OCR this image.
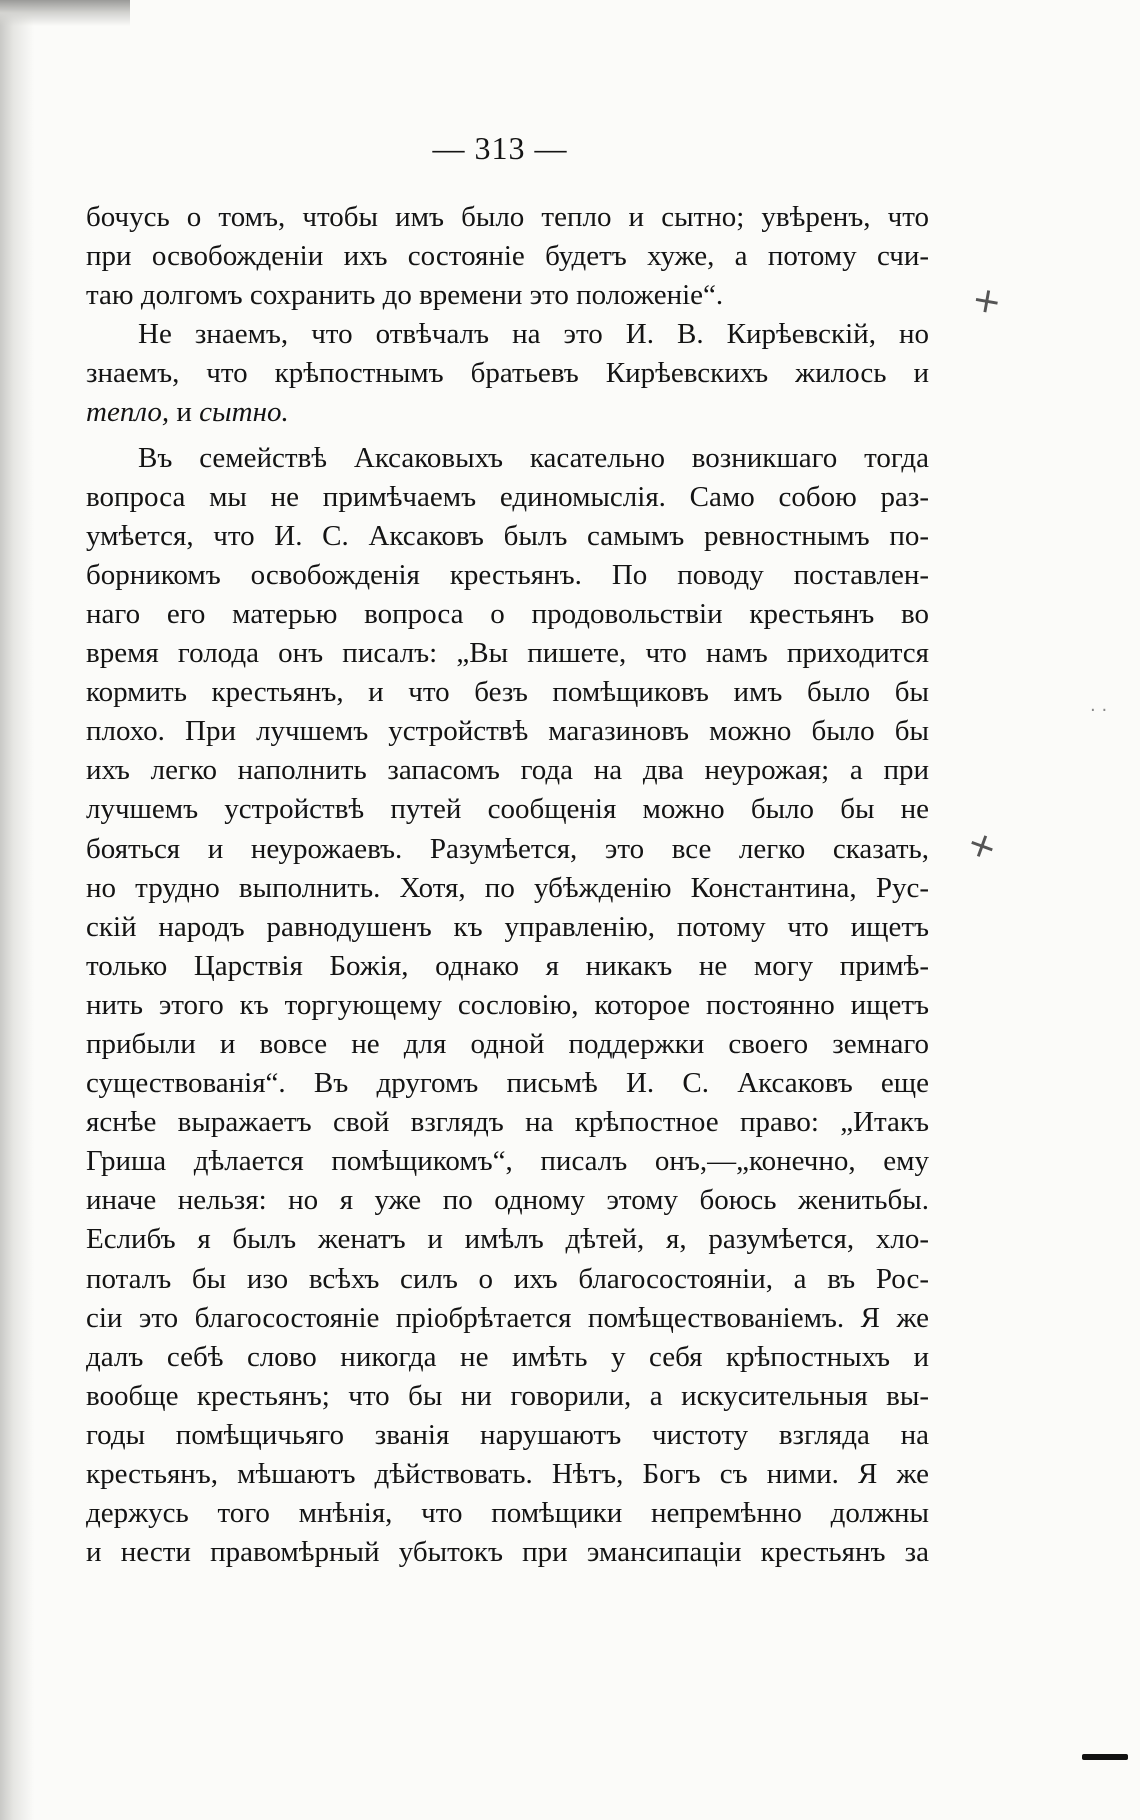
— 313 —
бочусь о томъ, чтобы имъ было тепло и сытно; увѣренъ, что
при освобожденіи ихъ состояніе будетъ хуже, а потому счи-
таю долгомъ сохранить до времени это положеніе“.
Не знаемъ, что отвѣчалъ на это И. В. Кирѣевскій, но
знаемъ, что крѣпостнымъ братьевъ Кирѣевскихъ жилось и
тепло, и сытно.
Въ семействѣ Аксаковыхъ касательно возникшаго тогда
вопроса мы не примѣчаемъ единомыслія. Само собою раз-
умѣется, что И. С. Аксаковъ былъ самымъ ревностнымъ по-
борникомъ освобожденія крестьянъ. По поводу поставлен-
наго его матерью вопроса о продовольствіи крестьянъ во
время голода онъ писалъ: „Вы пишете, что намъ приходится
кормить крестьянъ, и что безъ помѣщиковъ имъ было бы
плохо. При лучшемъ устройствѣ магазиновъ можно было бы
ихъ легко наполнить запасомъ года на два неурожая; а при
лучшемъ устройствѣ путей сообщенія можно было бы не
бояться и неурожаевъ. Разумѣется, это все легко сказать,
но трудно выполнить. Хотя, по убѣжденію Константина, Рус-
скій народъ равнодушенъ къ управленію, потому что ищетъ
только Царствія Божія, однако я никакъ не могу примѣ-
нить этого къ торгующему сословію, которое постоянно ищетъ
прибыли и вовсе не для одной поддержки своего земнаго
существованія“. Въ другомъ письмѣ И. С. Аксаковъ еще
яснѣе выражаетъ свой взглядъ на крѣпостное право: „Итакъ
Гриша дѣлается помѣщикомъ“, писалъ онъ,—„конечно, ему
иначе нельзя: но я уже по одному этому боюсь женитьбы.
Еслибъ я былъ женатъ и имѣлъ дѣтей, я, разумѣется, хло-
поталъ бы изо всѣхъ силъ о ихъ благосостояніи, а въ Рос-
сіи это благосостояніе пріобрѣтается помѣществованіемъ. Я же
далъ себѣ слово никогда не имѣть у себя крѣпостныхъ и
вообще крестьянъ; что бы ни говорили, а искусительныя вы-
годы помѣщичьяго званія нарушаютъ чистоту взгляда на
крестьянъ, мѣшаютъ дѣйствовать. Нѣтъ, Богъ съ ними. Я же
держусь того мнѣнія, что помѣщики непремѣнно должны
и нести правомѣрный убытокъ при эмансипаціи крестьянъ за
✕
✕
· ·
